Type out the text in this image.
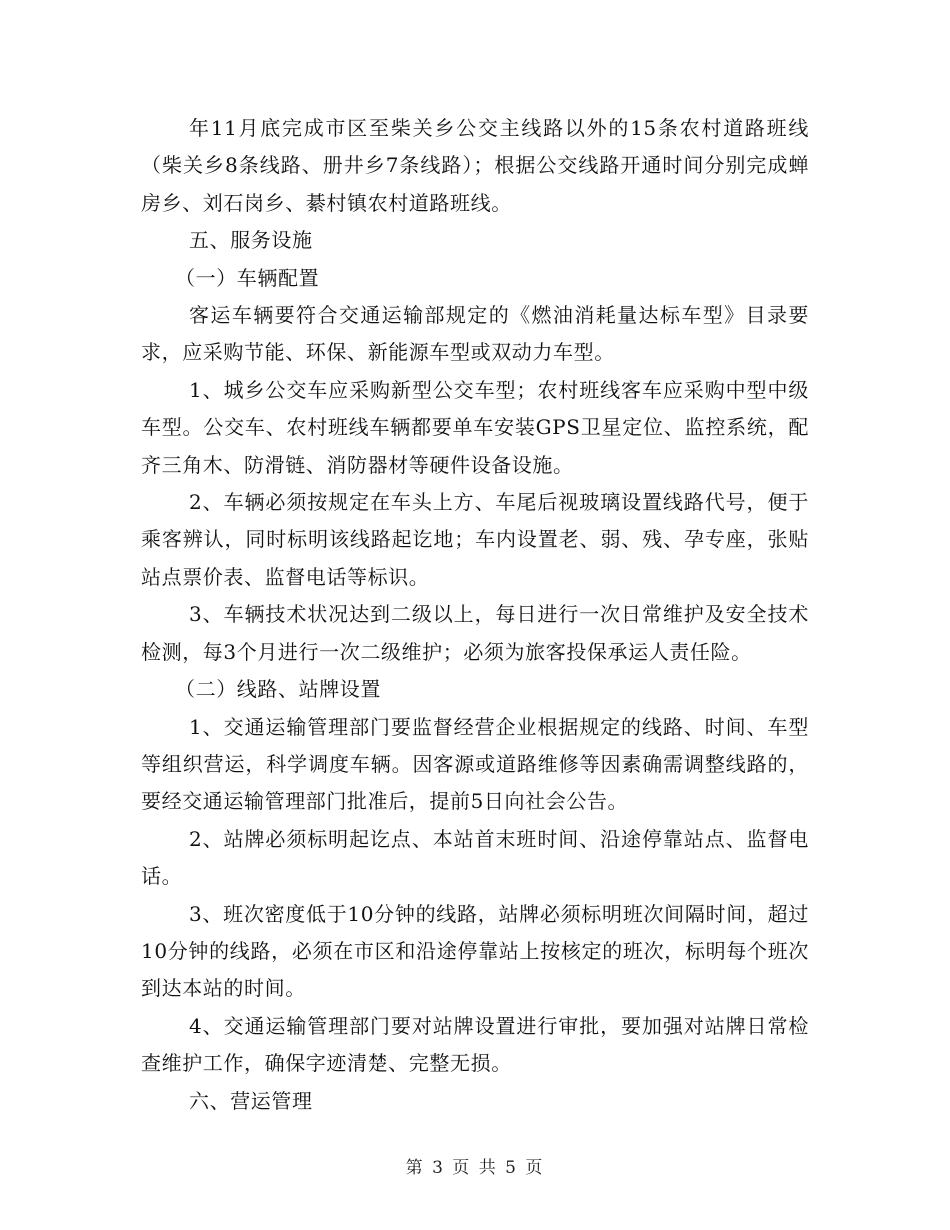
年11月底完成市区至柴关乡公交主线路以外的15条农村道路班线（柴关乡8条线路、册井乡7条线路）；根据公交线路开通时间分别完成蝉房乡、刘石岗乡、綦村镇农村道路班线。

五、服务设施

（一）车辆配置

客运车辆要符合交通运输部规定的《燃油消耗量达标车型》目录要求，应采购节能、环保、新能源车型或双动力车型。

1、城乡公交车应采购新型公交车型；农村班线客车应采购中型中级车型。公交车、农村班线车辆都要单车安装GPS卫星定位、监控系统，配齐三角木、防滑链、消防器材等硬件设备设施。

2、车辆必须按规定在车头上方、车尾后视玻璃设置线路代号，便于乘客辨认，同时标明该线路起讫地；车内设置老、弱、残、孕专座，张贴站点票价表、监督电话等标识。

3、车辆技术状况达到二级以上，每日进行一次日常维护及安全技术检测，每3个月进行一次二级维护；必须为旅客投保承运人责任险。

（二）线路、站牌设置

1、交通运输管理部门要监督经营企业根据规定的线路、时间、车型等组织营运，科学调度车辆。因客源或道路维修等因素确需调整线路的，要经交通运输管理部门批准后，提前5日向社会公告。

2、站牌必须标明起讫点、本站首末班时间、沿途停靠站点、监督电话。

3、班次密度低于10分钟的线路，站牌必须标明班次间隔时间，超过10分钟的线路，必须在市区和沿途停靠站上按核定的班次，标明每个班次到达本站的时间。

4、交通运输管理部门要对站牌设置进行审批，要加强对站牌日常检查维护工作，确保字迹清楚、完整无损。

六、营运管理

第 3 页 共 5 页
